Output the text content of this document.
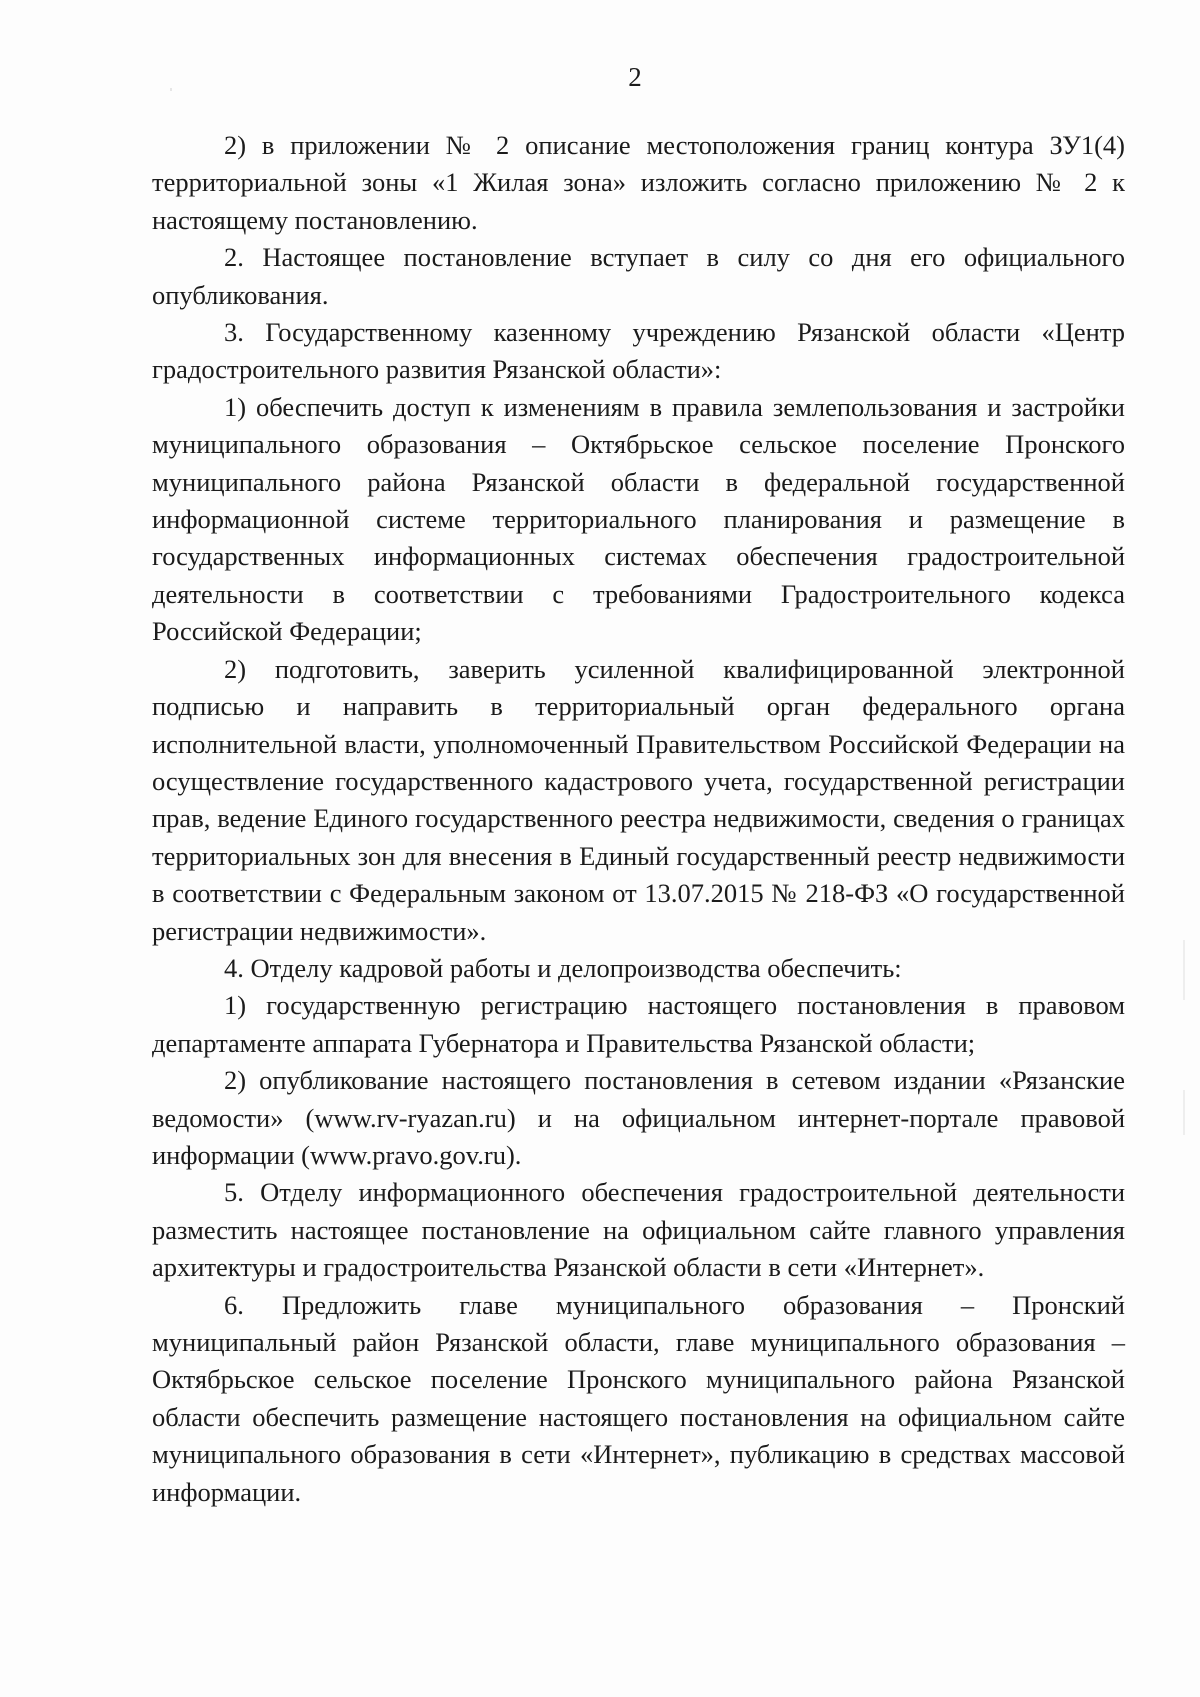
2

2) в приложении № 2 описание местоположения границ контура ЗУ1(4) территориальной зоны «1 Жилая зона» изложить согласно приложению № 2 к настоящему постановлению.

2. Настоящее постановление вступает в силу со дня его официального опубликования.

3. Государственному казенному учреждению Рязанской области «Центр градостроительного развития Рязанской области»:

1) обеспечить доступ к изменениям в правила землепользования и застройки муниципального образования – Октябрьское сельское поселение Пронского муниципального района Рязанской области в федеральной государственной информационной системе территориального планирования и размещение в государственных информационных системах обеспечения градостроительной деятельности в соответствии с требованиями Градостроительного кодекса Российской Федерации;

2) подготовить, заверить усиленной квалифицированной электронной подписью и направить в территориальный орган федерального органа исполнительной власти, уполномоченный Правительством Российской Федерации на осуществление государственного кадастрового учета, государственной регистрации прав, ведение Единого государственного реестра недвижимости, сведения о границах территориальных зон для внесения в Единый государственный реестр недвижимости в соответствии с Федеральным законом от 13.07.2015 № 218-ФЗ «О государственной регистрации недвижимости».

4. Отделу кадровой работы и делопроизводства обеспечить:

1) государственную регистрацию настоящего постановления в правовом департаменте аппарата Губернатора и Правительства Рязанской области;

2) опубликование настоящего постановления в сетевом издании «Рязанские ведомости» (www.rv-ryazan.ru) и на официальном интернет-портале правовой информации (www.pravo.gov.ru).

5. Отделу информационного обеспечения градостроительной деятельности разместить настоящее постановление на официальном сайте главного управления архитектуры и градостроительства Рязанской области в сети «Интернет».

6. Предложить главе муниципального образования – Пронский муниципальный район Рязанской области, главе муниципального образования – Октябрьское сельское поселение Пронского муниципального района Рязанской области обеспечить размещение настоящего постановления на официальном сайте муниципального образования в сети «Интернет», публикацию в средствах массовой информации.
